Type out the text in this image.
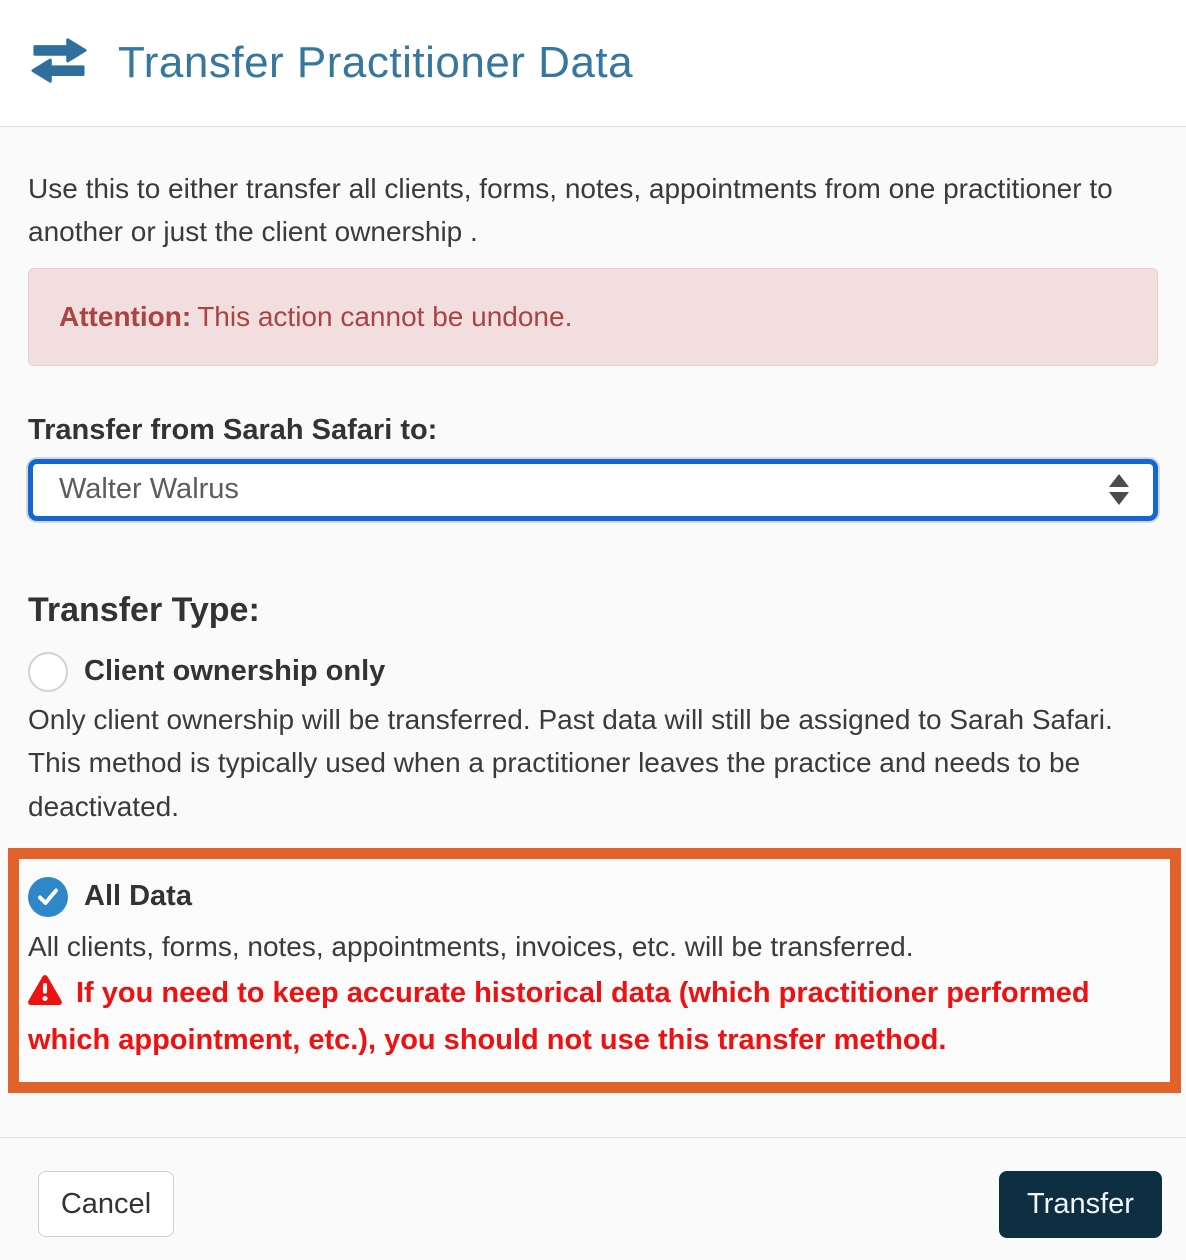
Transfer Practitioner Data

Use this to either transfer all clients, forms, notes, appointments from one practitioner to another or just the client ownership .

Attention: This action cannot be undone.
Transfer from Sarah Safari to:
Walter Walrus
Transfer Type:
Client ownership only

Only client ownership will be transferred. Past data will still be assigned to Sarah Safari. This method is typically used when a practitioner leaves the practice and needs to be deactivated.

All Data

All clients, forms, notes, appointments, invoices, etc. will be transferred.

If you need to keep accurate historical data (which practitioner performed which appointment, etc.), you should not use this transfer method.

Cancel	Transfer
